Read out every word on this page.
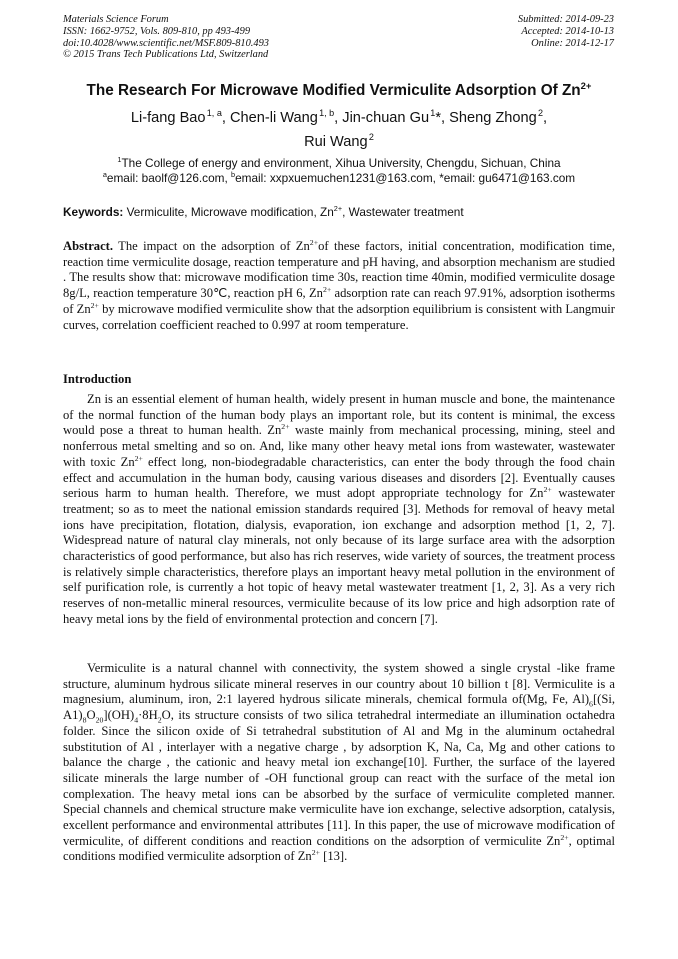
Materials Science Forum
ISSN: 1662-9752, Vols. 809-810, pp 493-499
doi:10.4028/www.scientific.net/MSF.809-810.493
© 2015 Trans Tech Publications Ltd, Switzerland
Submitted: 2014-09-23
Accepted: 2014-10-13
Online: 2014-12-17
The Research For Microwave Modified Vermiculite Adsorption Of $Zn^{2+}$
Li-fang Bao $^{1, a}$, Chen-li Wang $^{1, b}$, Jin-chuan Gu $^1$*, Sheng Zhong $^2$,
Rui Wang $^2$
$^1$The College of energy and environment, Xihua University, Chengdu, Sichuan, China
$^a$email: baolf@126.com, $^b$email: xxpxuemuchen1231@163.com, *email: gu6471@163.com
Keywords: Vermiculite, Microwave modification, $Zn^{2+}$, Wastewater treatment
Abstract. The impact on the adsorption of $Zn^{2+}of$ these factors, initial concentration, modification time, reaction time vermiculite dosage, reaction temperature and pH having, and absorption mechanism are studied . The results show that: microwave modification time 30s, reaction time 40min, modified vermiculite dosage 8g/L, reaction temperature 30℃, reaction pH 6, $Zn^{2+}$ adsorption rate can reach 97.91%, adsorption isotherms of $Zn^{2+}$ by microwave modified vermiculite show that the adsorption equilibrium is consistent with Langmuir curves, correlation coefficient reached to 0.997 at room temperature.
Introduction

Zn is an essential element of human health, widely present in human muscle and bone, the maintenance of the normal function of the human body plays an important role, but its content is minimal, the excess would pose a threat to human health. $Zn^{2+}$ waste mainly from mechanical processing, mining, steel and nonferrous metal smelting and so on. And, like many other heavy metal ions from wastewater, wastewater with toxic $Zn^{2+}$ effect long, non-biodegradable characteristics, can enter the body through the food chain effect and accumulation in the human body, causing various diseases and disorders [2]. Eventually causes serious harm to human health. Therefore, we must adopt appropriate technology for $Zn^{2+}$ wastewater treatment; so as to meet the national emission standards required [3]. Methods for removal of heavy metal ions have precipitation, flotation, dialysis, evaporation, ion exchange and adsorption method [1, 2, 7]. Widespread nature of natural clay minerals, not only because of its large surface area with the adsorption characteristics of good performance, but also has rich reserves, wide variety of sources, the treatment process is relatively simple characteristics, therefore plays an important heavy metal pollution in the environment of self purification role, is currently a hot topic of heavy metal wastewater treatment [1, 2, 3]. As a very rich reserves of non-metallic mineral resources, vermiculite because of its low price and high adsorption rate of heavy metal ions by the field of environmental protection and concern [7].

Vermiculite is a natural channel with connectivity, the system showed a single crystal -like frame structure, aluminum hydrous silicate mineral reserves in our country about 10 billion t [8]. Vermiculite is a magnesium, aluminum, iron, 2:1 layered hydrous silicate minerals, chemical formula of(Mg, Fe, $Al)_6[(Si$, $A1)_8O_{20}](OH)_4\cdot 8H_2O$, its structure consists of two silica tetrahedral intermediate an illumination octahedra folder. Since the silicon oxide of Si tetrahedral substitution of Al and Mg in the aluminum octahedral substitution of Al , interlayer with a negative charge , by adsorption K, Na, Ca, Mg and other cations to balance the charge , the cationic and heavy metal ion exchange[10]. Further, the surface of the layered silicate minerals the large number of -OH functional group can react with the surface of the metal ion complexation. The heavy metal ions can be absorbed by the surface of vermiculite completed manner. Special channels and chemical structure make vermiculite have ion exchange, selective adsorption, catalysis, excellent performance and environmental attributes [11]. In this paper, the use of microwave modification of vermiculite, of different conditions and reaction conditions on the adsorption of vermiculite $Zn^{2+}$, optimal conditions modified vermiculite adsorption of $Zn^{2+}$ [13].
